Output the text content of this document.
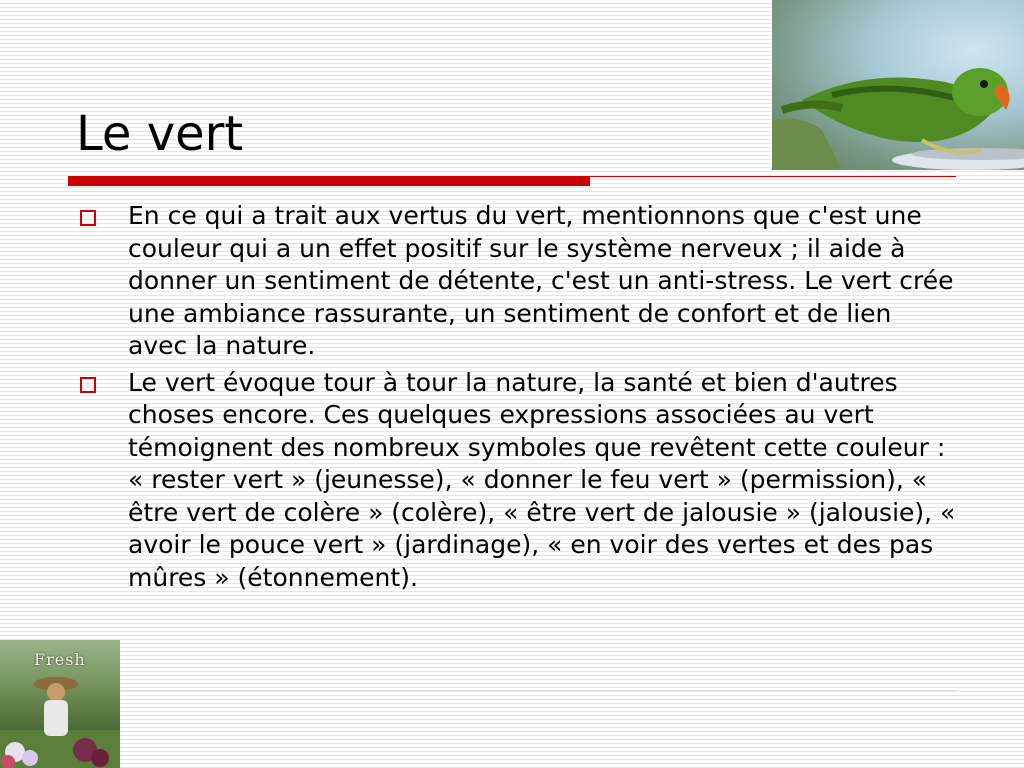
Le vert
En ce qui a trait aux vertus du vert, mentionnons que c'est une couleur qui a un effet positif sur le système nerveux ; il aide à donner un sentiment de détente, c'est un anti-stress. Le vert crée une ambiance rassurante, un sentiment de confort et de lien avec la nature.
Le vert évoque tour à tour la nature, la santé et bien d'autres choses encore. Ces quelques expressions associées au vert témoignent des nombreux symboles que revêtent cette couleur : « rester vert » (jeunesse), « donner le feu vert » (permission), « être vert de colère » (colère), « être vert de jalousie » (jalousie), « avoir le pouce vert » (jardinage), « en voir des vertes et des pas mûres » (étonnement).
Fresh
